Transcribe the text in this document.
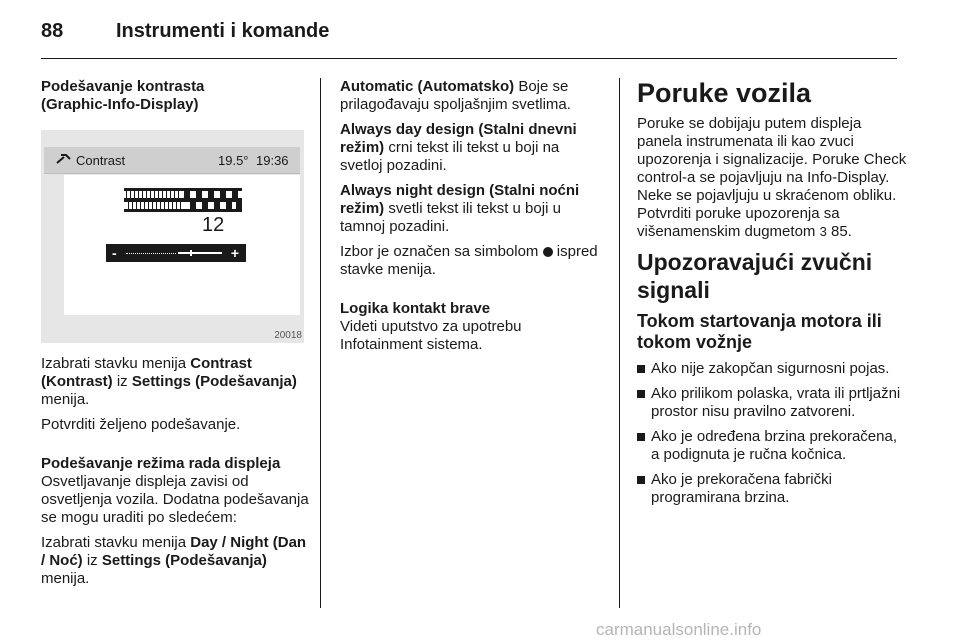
88	Instrumenti i komande

Podešavanje kontrasta
(Graphic-Info-Display)

Contrast	19.5° 19:36
12
-	+
20018

Izabrati stavku menija Contrast (Kontrast) iz Settings (Podešavanja) menija.

Potvrditi željeno podešavanje.

Podešavanje režima rada displeja

Osvetljavanje displeja zavisi od osvetljenja vozila. Dodatna podešavanja se mogu uraditi po sledećem:

Izabrati stavku menija Day / Night (Dan / Noć) iz Settings (Podešavanja) menija.

Automatic (Automatsko) Boje se prilagođavaju spoljašnjim svetlima.

Always day design (Stalni dnevni režim) crni tekst ili tekst u boji na svetloj pozadini.

Always night design (Stalni noćni režim) svetli tekst ili tekst u boji u tamnoj pozadini.

Izbor je označen sa simbolom  ispred stavke menija.

Logika kontakt brave

Videti uputstvo za upotrebu Infotainment sistema.

Poruke vozila

Poruke se dobijaju putem displeja panela instrumenata ili kao zvuci upozorenja i signalizacije. Poruke Check control-a se pojavljuju na Info-Display. Neke se pojavljuju u skraćenom obliku. Potvrditi poruke upozorenja sa višenamenskim dugmetom 3 85.

Upozoravajući zvučni signali

Tokom startovanja motora ili tokom vožnje

Ako nije zakopčan sigurnosni pojas.
Ako prilikom polaska, vrata ili prtljažni prostor nisu pravilno zatvoreni.
Ako je određena brzina prekoračena, a podignuta je ručna kočnica.
Ako je prekoračena fabrički programirana brzina.
carmanualsonline.info
